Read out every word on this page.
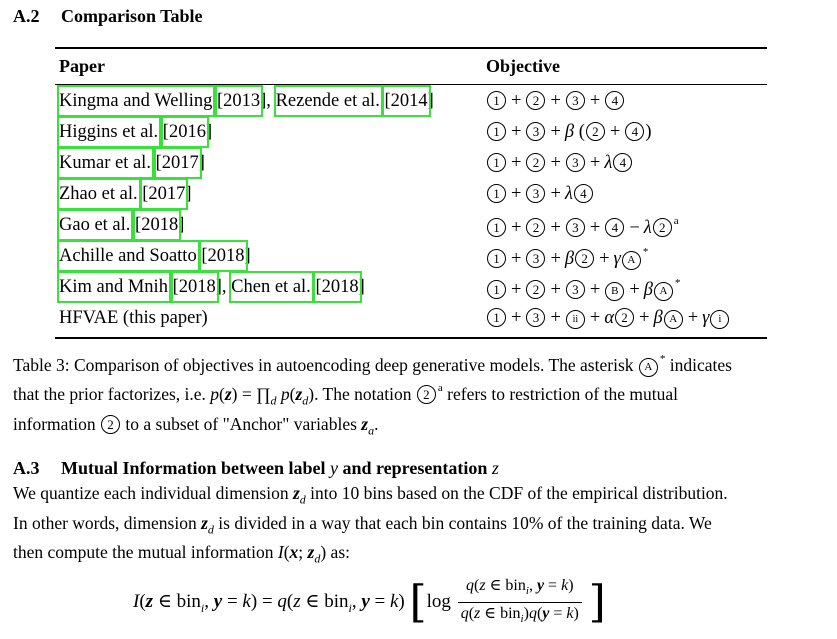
A.2 Comparison Table
Paper	Objective
Kingma and Welling [2013], Rezende et al. [2014]	1 + 2 + 3 + 4
Higgins et al. [2016]	1 + 3 + β ( 2 + 4 )
Kumar et al. [2017]	1 + 2 + 3 + λ 4
Zhao et al. [2017]	1 + 3 + λ 4
Gao et al. [2018]	1 + 2 + 3 + 4 − λ 2 $^a$
Achille and Soatto [2018]	1 + 3 + β 2 + γ A*
Kim and Mnih [2018], Chen et al. [2018]	1 + 2 + 3 + B + β A*
HFVAE (this paper)	1 + 3 + ii + α 2 + β A + γ i
Table 3: Comparison of objectives in autoencoding deep generative models. The asterisk A* indicates
that the prior factorizes, i.e. $p(z) = \prod_d$ $p(z_d)$. The notation 2 $^a$ refers to restriction of the mutual
information 2 to a subset of "Anchor" variables $z_a$.
A.3 Mutual Information between label y and representation z
We quantize each individual dimension $z_d$ into 10 bins based on the CDF of the empirical distribution.
In other words, dimension $z_d$ is divided in a way that each bin contains 10% of the training data. We
then compute the mutual information I(x; $z_d$) as:
I(z ∈ bin$_i$, y = k) = q(z ∈ bin$_i$, y = k) [$\log \frac{q(z \in bin_i, y = k)}{q(z \in bin_i)q(y = k)}$ ]
